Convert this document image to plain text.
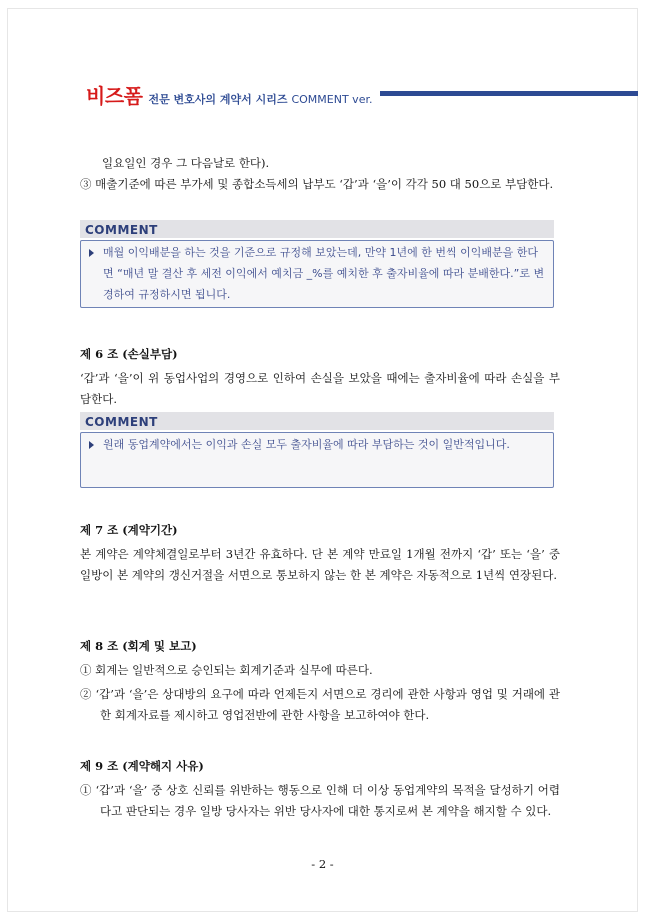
비즈폼 전문 변호사의 계약서 시리즈 COMMENT ver.

일요일인 경우 그 다음날로 한다).

③ 매출기준에 따른 부가세 및 종합소득세의 납부도 ‘갑’과 ‘을’이 각각 50 대 50으로 부담한다.

COMMENT
매월 이익배분을 하는 것을 기준으로 규정해 보았는데, 만약 1년에 한 번씩 이익배분을 한다면 “매년 말 결산 후 세전 이익에서 예치금 _%를 예치한 후 출자비율에 따라 분배한다.”로 변경하여 규정하시면 됩니다.

제 6 조 (손실부담)

‘갑’과 ‘을’이 위 동업사업의 경영으로 인하여 손실을 보았을 때에는 출자비율에 따라 손실을 부담한다.

COMMENT
원래 동업계약에서는 이익과 손실 모두 출자비율에 따라 부담하는 것이 일반적입니다.

제 7 조 (계약기간)

본 계약은 계약체결일로부터 3년간 유효하다. 단 본 계약 만료일 1개월 전까지 ‘갑’ 또는 ‘을’ 중 일방이 본 계약의 갱신거절을 서면으로 통보하지 않는 한 본 계약은 자동적으로 1년씩 연장된다.

제 8 조 (회계 및 보고)

① 회계는 일반적으로 승인되는 회계기준과 실무에 따른다.

② ‘갑’과 ‘을’은 상대방의 요구에 따라 언제든지 서면으로 경리에 관한 사항과 영업 및 거래에 관한 회계자료를 제시하고 영업전반에 관한 사항을 보고하여야 한다.

제 9 조 (계약해지 사유)

① ‘갑’과 ‘을’ 중 상호 신뢰를 위반하는 행동으로 인해 더 이상 동업계약의 목적을 달성하기 어렵다고 판단되는 경우 일방 당사자는 위반 당사자에 대한 통지로써 본 계약을 해지할 수 있다.

- 2 -
